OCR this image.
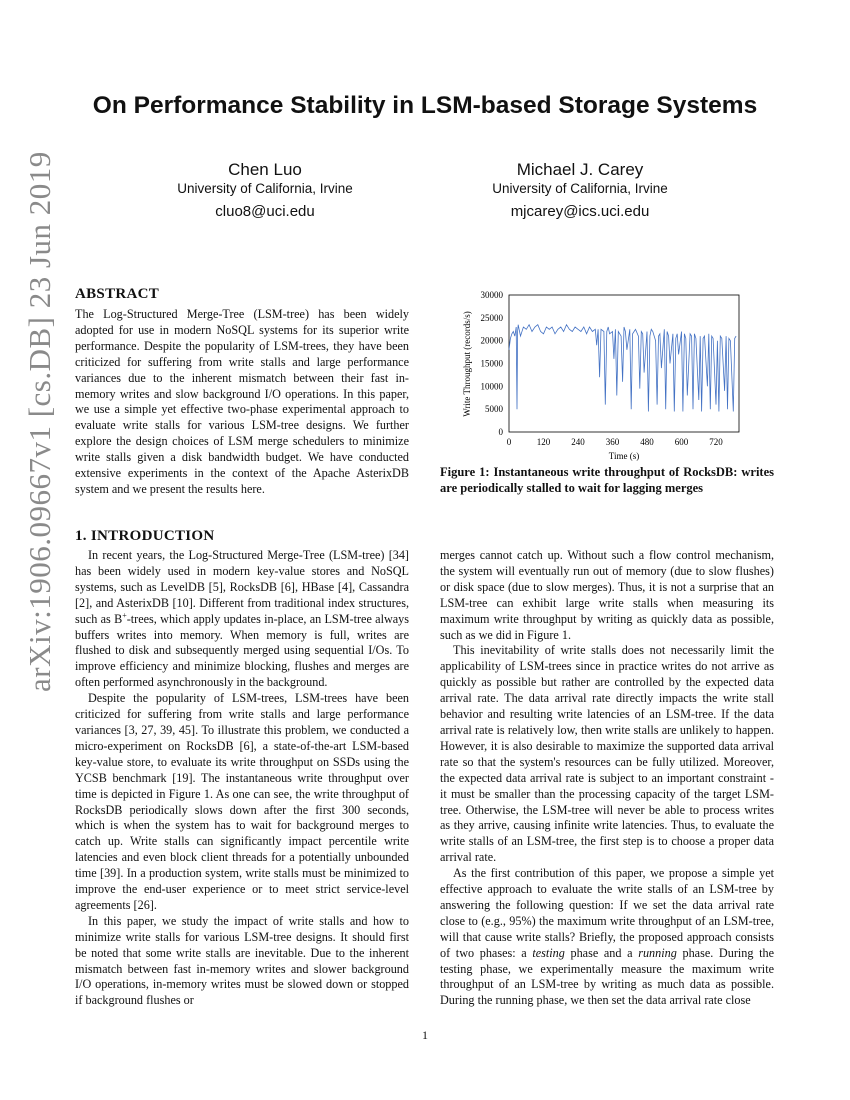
arXiv:1906.09667v1 [cs.DB] 23 Jun 2019
On Performance Stability in LSM-based Storage Systems
Chen Luo
University of California, Irvine
cluo8@uci.edu
Michael J. Carey
University of California, Irvine
mjcarey@ics.uci.edu
ABSTRACT

The Log-Structured Merge-Tree (LSM-tree) has been widely adopted for use in modern NoSQL systems for its superior write performance. Despite the popularity of LSM-trees, they have been criticized for suffering from write stalls and large performance variances due to the inherent mismatch between their fast in-memory writes and slow background I/O operations. In this paper, we use a simple yet effective two-phase experimental approach to evaluate write stalls for various LSM-tree designs. We further explore the design choices of LSM merge schedulers to minimize write stalls given a disk bandwidth budget. We have conducted extensive experiments in the context of the Apache AsterixDB system and we present the results here.

0
5000
10000
15000
20000
25000
30000
0	120 240 360 480 600 720
Time (s)
Write Throughput (records/s)
Figure 1: Instantaneous write throughput of RocksDB: writes are periodically stalled to wait for lagging merges
1. INTRODUCTION

In recent years, the Log-Structured Merge-Tree (LSM-tree) [34] has been widely used in modern key-value stores and NoSQL systems, such as LevelDB [5], RocksDB [6], HBase [4], Cassandra [2], and AsterixDB [10]. Different from traditional index structures, such as B+-trees, which apply updates in-place, an LSM-tree always buffers writes into memory. When memory is full, writes are flushed to disk and subsequently merged using sequential I/Os. To improve efficiency and minimize blocking, flushes and merges are often performed asynchronously in the background.

Despite the popularity of LSM-trees, LSM-trees have been criticized for suffering from write stalls and large performance variances [3, 27, 39, 45]. To illustrate this problem, we conducted a micro-experiment on RocksDB [6], a state-of-the-art LSM-based key-value store, to evaluate its write throughput on SSDs using the YCSB benchmark [19]. The instantaneous write throughput over time is depicted in Figure 1. As one can see, the write throughput of RocksDB periodically slows down after the first 300 seconds, which is when the system has to wait for background merges to catch up. Write stalls can significantly impact percentile write latencies and even block client threads for a potentially unbounded time [39]. In a production system, write stalls must be minimized to improve the end-user experience or to meet strict service-level agreements [26].

In this paper, we study the impact of write stalls and how to minimize write stalls for various LSM-tree designs. It should first be noted that some write stalls are inevitable. Due to the inherent mismatch between fast in-memory writes and slower background I/O operations, in-memory writes must be slowed down or stopped if background flushes or

merges cannot catch up. Without such a flow control mechanism, the system will eventually run out of memory (due to slow flushes) or disk space (due to slow merges). Thus, it is not a surprise that an LSM-tree can exhibit large write stalls when measuring its maximum write throughput by writing as quickly data as possible, such as we did in Figure 1.

This inevitability of write stalls does not necessarily limit the applicability of LSM-trees since in practice writes do not arrive as quickly as possible but rather are controlled by the expected data arrival rate. The data arrival rate directly impacts the write stall behavior and resulting write latencies of an LSM-tree. If the data arrival rate is relatively low, then write stalls are unlikely to happen. However, it is also desirable to maximize the supported data arrival rate so that the system's resources can be fully utilized. Moreover, the expected data arrival rate is subject to an important constraint - it must be smaller than the processing capacity of the target LSM-tree. Otherwise, the LSM-tree will never be able to process writes as they arrive, causing infinite write latencies. Thus, to evaluate the write stalls of an LSM-tree, the first step is to choose a proper data arrival rate.

As the first contribution of this paper, we propose a simple yet effective approach to evaluate the write stalls of an LSM-tree by answering the following question: If we set the data arrival rate close to (e.g., 95%) the maximum write throughput of an LSM-tree, will that cause write stalls? Briefly, the proposed approach consists of two phases: a testing phase and a running phase. During the testing phase, we experimentally measure the maximum write throughput of an LSM-tree by writing as much data as possible. During the running phase, we then set the data arrival rate close

1
